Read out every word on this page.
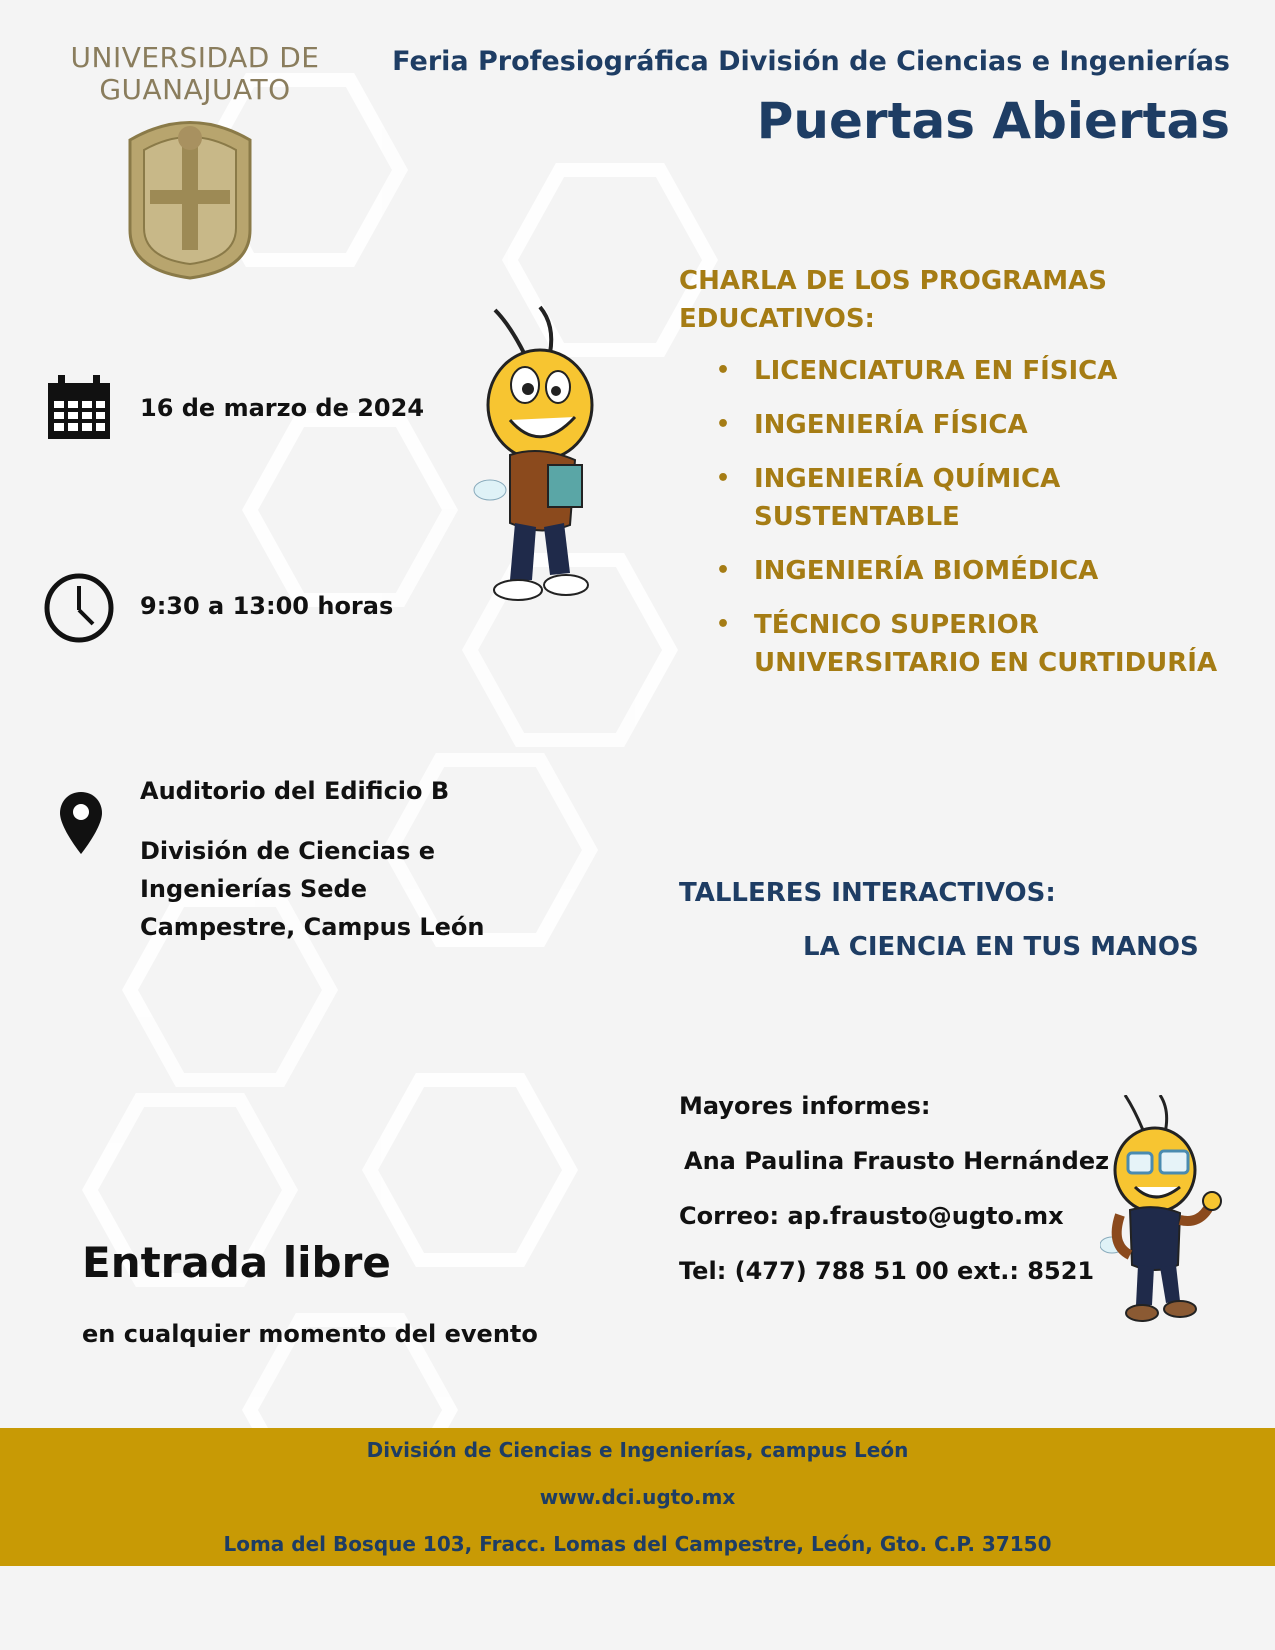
UNIVERSIDAD DE
GUANAJUATO
Feria Profesiográfica División de Ciencias e Ingenierías
Puertas Abiertas
16 de marzo de 2024
9:30 a 13:00 horas
Auditorio del Edificio B
División de Ciencias e
Ingenierías Sede
Campestre, Campus León
CHARLA DE LOS PROGRAMAS
EDUCATIVOS:
• LICENCIATURA EN FÍSICA
• INGENIERÍA FÍSICA
• INGENIERÍA QUÍMICA
SUSTENTABLE
• INGENIERÍA BIOMÉDICA
• TÉCNICO SUPERIOR
UNIVERSITARIO EN CURTIDURÍA
TALLERES INTERACTIVOS:
LA CIENCIA EN TUS MANOS
Mayores informes:
Ana Paulina Frausto Hernández
Correo: ap.frausto@ugto.mx
Tel: (477) 788 51 00 ext.: 8521
Entrada libre
en cualquier momento del evento
División de Ciencias e Ingenierías, campus León
www.dci.ugto.mx
Loma del Bosque 103, Fracc. Lomas del Campestre, León, Gto. C.P. 37150
